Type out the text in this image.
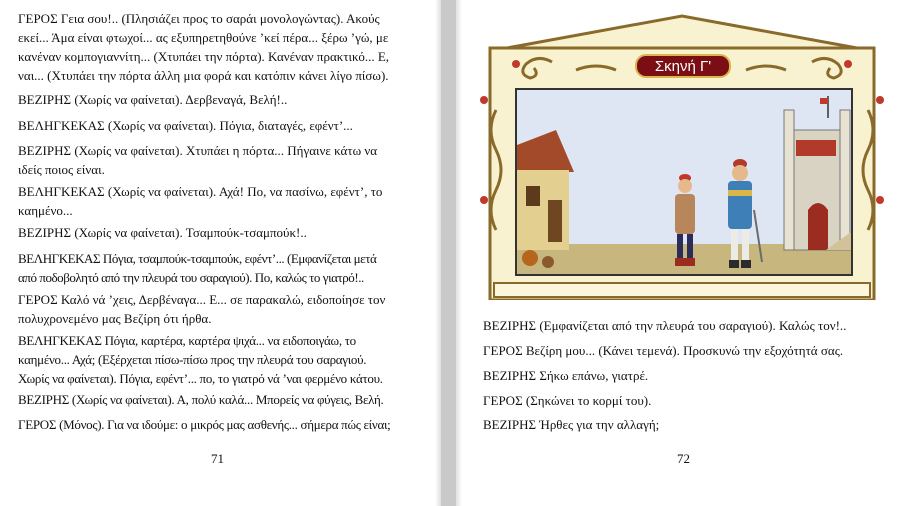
ΓΕΡΟΣ Γεια σου!.. (Πλησιάζει προς το σαράι μονολογώντας). Ακούς
εκεί... Άμα είναι φτωχοί... ας εξυπηρετηθούνε ’κεί πέρα... ξέρω ’γώ, με
κανέναν κομπογιαννίτη... (Χτυπάει την πόρτα). Κανέναν πρακτικό... Ε,
ναι... (Χτυπάει την πόρτα άλλη μια φορά και κατόπιν κάνει λίγο πίσω).

ΒΕΖΙΡΗΣ (Χωρίς να φαίνεται). Δερβεναγά, Βελή!..

ΒΕΛΗΓΚΕΚΑΣ (Χωρίς να φαίνεται). Πόγια, διαταγές, εφέντ’...

ΒΕΖΙΡΗΣ (Χωρίς να φαίνεται). Χτυπάει η πόρτα... Πήγαινε κάτω να
ιδείς ποιος είναι.

ΒΕΛΗΓΚΕΚΑΣ (Χωρίς να φαίνεται). Αχά! Πο, να πασίνω, εφέντ’, το
καημένο...

ΒΕΖΙΡΗΣ (Χωρίς να φαίνεται). Τσαμπούκ-τσαμπούκ!..

ΒΕΛΗΓΚΕΚΑΣ Πόγια, τσαμπούκ-τσαμπούκ, εφέντ’... (Εμφανίζεται μετά
από ποδοβολητό από την πλευρά του σαραγιού). Πο, καλώς το γιατρό!..

ΓΕΡΟΣ Καλό νά ’χεις, Δερβέναγα... Ε... σε παρακαλώ, ειδοποίησε τον
πολυχρονεμένο μας Βεζίρη ότι ήρθα.

ΒΕΛΗΓΚΕΚΑΣ Πόγια, καρτέρα, καρτέρα ψιχά... να ειδοποιγάω, το
καημένο... Αχά; (Εξέρχεται πίσω-πίσω προς την πλευρά του σαραγιού.
Χωρίς να φαίνεται). Πόγια, εφέντ’... πο, το γιατρό νά ’ναι φερμένο κάτου.

ΒΕΖΙΡΗΣ (Χωρίς να φαίνεται). Α, πολύ καλά... Μπορείς να φύγεις, Βελή.

ΓΕΡΟΣ (Μόνος). Για να ιδούμε: ο μικρός μας ασθενής... σήμερα πώς είναι;

71
Σκηνή Γ'

ΒΕΖΙΡΗΣ (Εμφανίζεται από την πλευρά του σαραγιού). Καλώς τον!..

ΓΕΡΟΣ Βεζίρη μου... (Κάνει τεμενά). Προσκυνώ την εξοχότητά σας.

ΒΕΖΙΡΗΣ Σήκω επάνω, γιατρέ.

ΓΕΡΟΣ (Σηκώνει το κορμί του).

ΒΕΖΙΡΗΣ Ήρθες για την αλλαγή;

72
